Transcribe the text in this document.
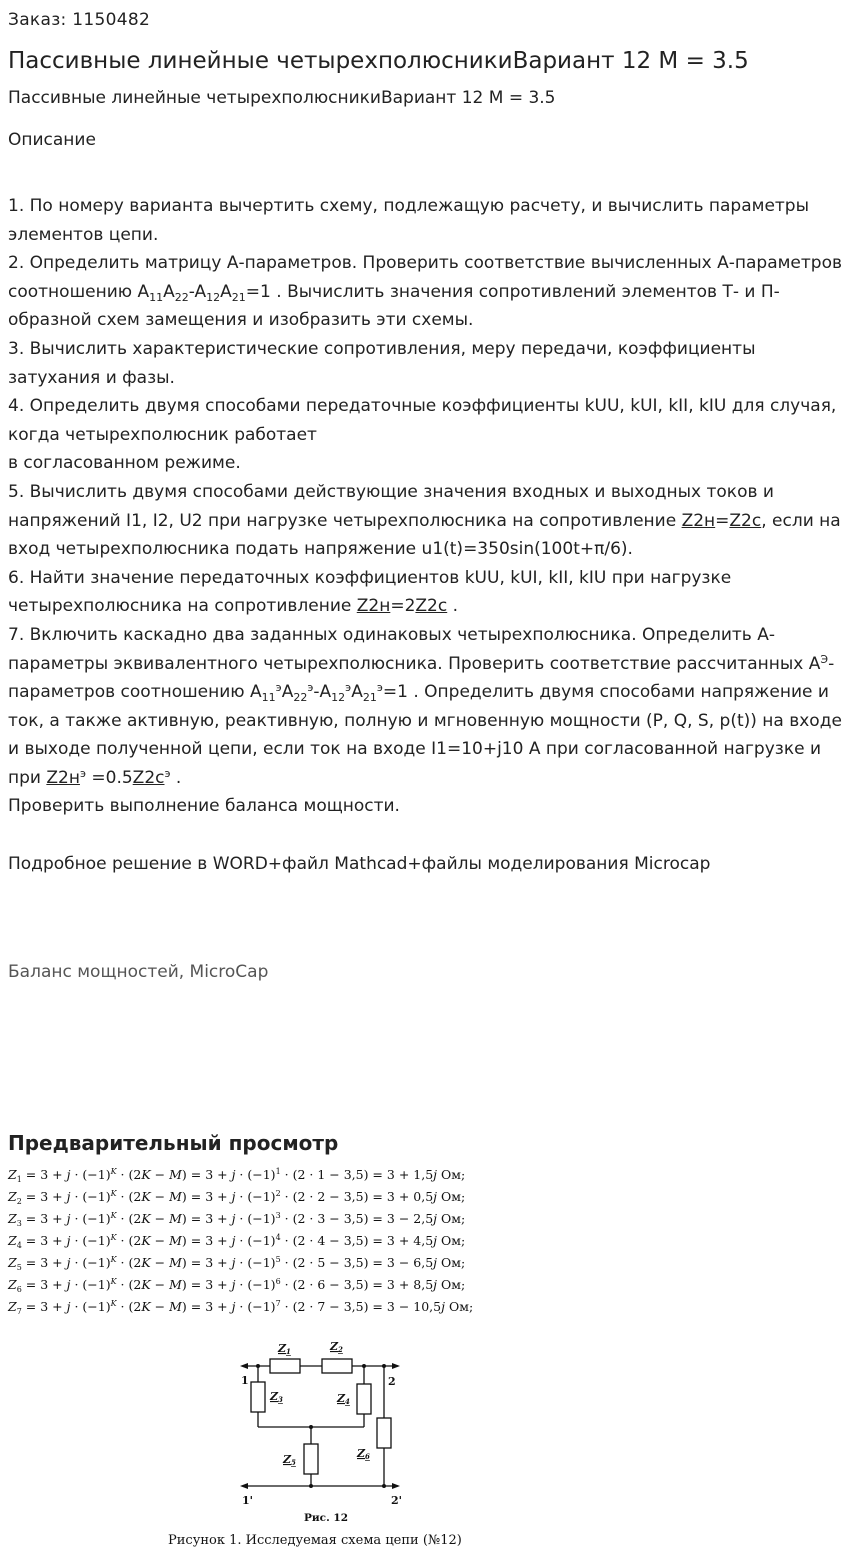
Заказ: 1150482
Пассивные линейные четырехполюсникиВариант 12 М = 3.5
Пассивные линейные четырехполюсникиВариант 12 М = 3.5
Описание

1. По номеру варианта вычертить схему, подлежащую расчету, и вычислить параметры элементов цепи.

2. Определить матрицу А-параметров. Проверить соответствие вычисленных А-параметров соотношению $A_{11}A_{22}-A_{12}A_{21}=1$ . Вычислить значения сопротивлений элементов Т- и П-образной схем замещения и изобразить эти схемы.

3. Вычислить характеристические сопротивления, меру передачи, коэффициенты затухания и фазы.

4. Определить двумя способами передаточные коэффициенты kUU, kUI, kII, kIU для случая, когда четырехполюсник работает
в согласованном режиме.

5. Вычислить двумя способами действующие значения входных и выходных токов и напряжений I1, I2, U2 при нагрузке четырехполюсника на сопротивление Z2н=Z2c, если на вход четырехполюсника подать напряжение u1(t)=350sin(100t+π/6).

6. Найти значение передаточных коэффициентов kUU, kUI, kII, kIU при нагрузке четырехполюсника на сопротивление Z2н=2Z2c .

7. Включить каскадно два заданных одинаковых четырехполюсника. Определить А-параметры эквивалентного четырехполюсника. Проверить соответствие рассчитанных $А^Э$-параметров соотношению $A_{11}^эA_{22}^э-A_{12}^эA_{21}^э=1$ . Определить двумя способами напряжение и ток, а также активную, реактивную, полную и мгновенную мощности (P, Q, S, p(t)) на входе и выходе полученной цепи, если ток на входе I1=10+j10 А при согласованной нагрузке и при $Z2н^э =0.5Z2c^э$ .

Проверить выполнение баланса мощности.

Подробное решение в WORD+файл Mathcad+файлы моделирования Microcap

Баланс мощностей, MicroCap
Предварительный просмотр
$Z_1 = 3 + j \cdot (-1)^K \cdot (2K - M) = 3 + j \cdot (-1)^1 \cdot (2 \cdot 1 - 3,5) = 3 + 1,5j$ Ом;
$Z_2 = 3 + j \cdot (-1)^K \cdot (2K - M) = 3 + j \cdot (-1)^2 \cdot (2 \cdot 2 - 3,5) = 3 + 0,5j$ Ом;
$Z_3 = 3 + j \cdot (-1)^K \cdot (2K - M) = 3 + j \cdot (-1)^3 \cdot (2 \cdot 3 - 3,5) = 3 - 2,5j$ Ом;
$Z_4 = 3 + j \cdot (-1)^K \cdot (2K - M) = 3 + j \cdot (-1)^4 \cdot (2 \cdot 4 - 3,5) = 3 + 4,5j$ Ом;
$Z_5 = 3 + j \cdot (-1)^K \cdot (2K - M) = 3 + j \cdot (-1)^5 \cdot (2 \cdot 5 - 3,5) = 3 - 6,5j$ Ом;
$Z_6 = 3 + j \cdot (-1)^K \cdot (2K - M) = 3 + j \cdot (-1)^6 \cdot (2 \cdot 6 - 3,5) = 3 + 8,5j$ Ом;
$Z_7 = 3 + j \cdot (-1)^K \cdot (2K - M) = 3 + j \cdot (-1)^7 \cdot (2 \cdot 7 - 3,5) = 3 - 10,5j$ Ом;
Z1	Z2
Z3	Z4
Z5
Z6
1	2
1'	2'
Рис. 12
Рисунок 1. Исследуемая схема цепи (№12)
